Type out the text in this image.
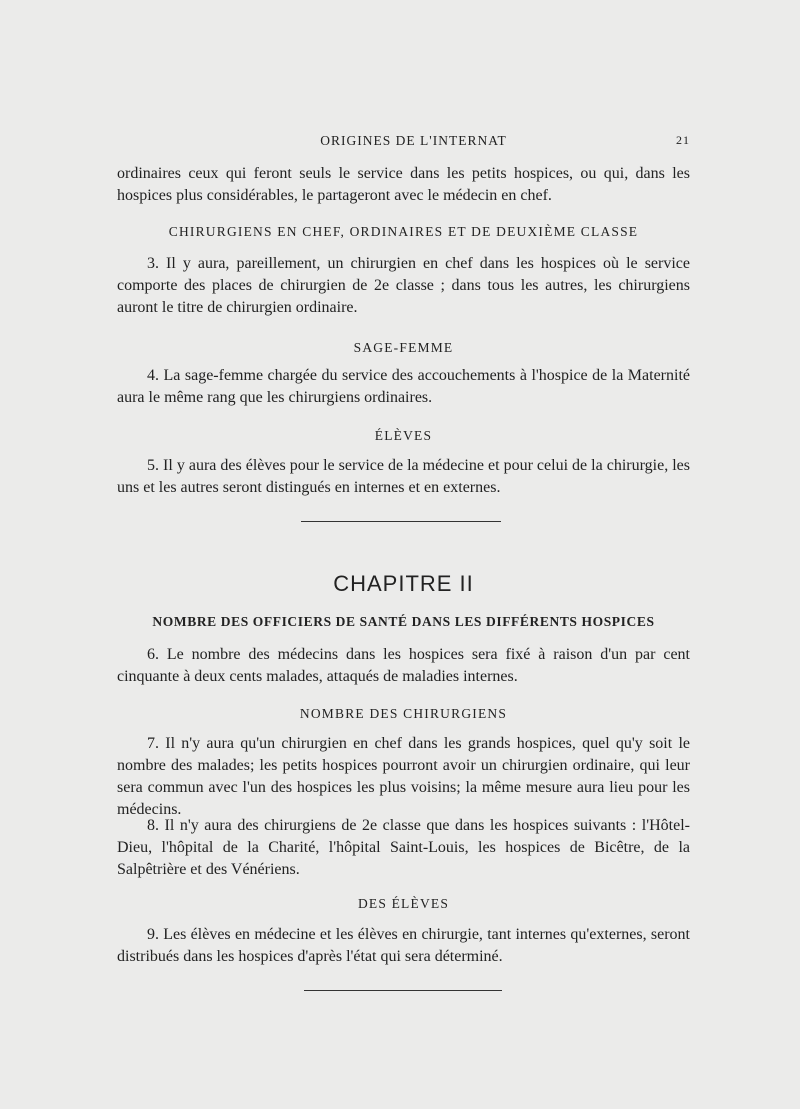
ORIGINES DE L'INTERNAT	21

ordinaires ceux qui feront seuls le service dans les petits hospices, ou qui, dans les hospices plus considérables, le partageront avec le médecin en chef.

CHIRURGIENS EN CHEF, ORDINAIRES ET DE DEUXIÈME CLASSE

3. Il y aura, pareillement, un chirurgien en chef dans les hospices où le service comporte des places de chirurgien de 2e classe ; dans tous les autres, les chirurgiens auront le titre de chirurgien ordinaire.

SAGE-FEMME

4. La sage-femme chargée du service des accouchements à l'hospice de la Maternité aura le même rang que les chirurgiens ordinaires.

ÉLÈVES

5. Il y aura des élèves pour le service de la médecine et pour celui de la chirurgie, les uns et les autres seront distingués en internes et en externes.

CHAPITRE II

NOMBRE DES OFFICIERS DE SANTÉ DANS LES DIFFÉRENTS HOSPICES

6. Le nombre des médecins dans les hospices sera fixé à raison d'un par cent cinquante à deux cents malades, attaqués de maladies internes.

NOMBRE DES CHIRURGIENS

7. Il n'y aura qu'un chirurgien en chef dans les grands hospices, quel qu'y soit le nombre des malades; les petits hospices pourront avoir un chirurgien ordinaire, qui leur sera commun avec l'un des hospices les plus voisins; la même mesure aura lieu pour les médecins.

8. Il n'y aura des chirurgiens de 2e classe que dans les hospices suivants : l'Hôtel-Dieu, l'hôpital de la Charité, l'hôpital Saint-Louis, les hospices de Bicêtre, de la Salpêtrière et des Vénériens.

DES ÉLÈVES

9. Les élèves en médecine et les élèves en chirurgie, tant internes qu'externes, seront distribués dans les hospices d'après l'état qui sera déterminé.
